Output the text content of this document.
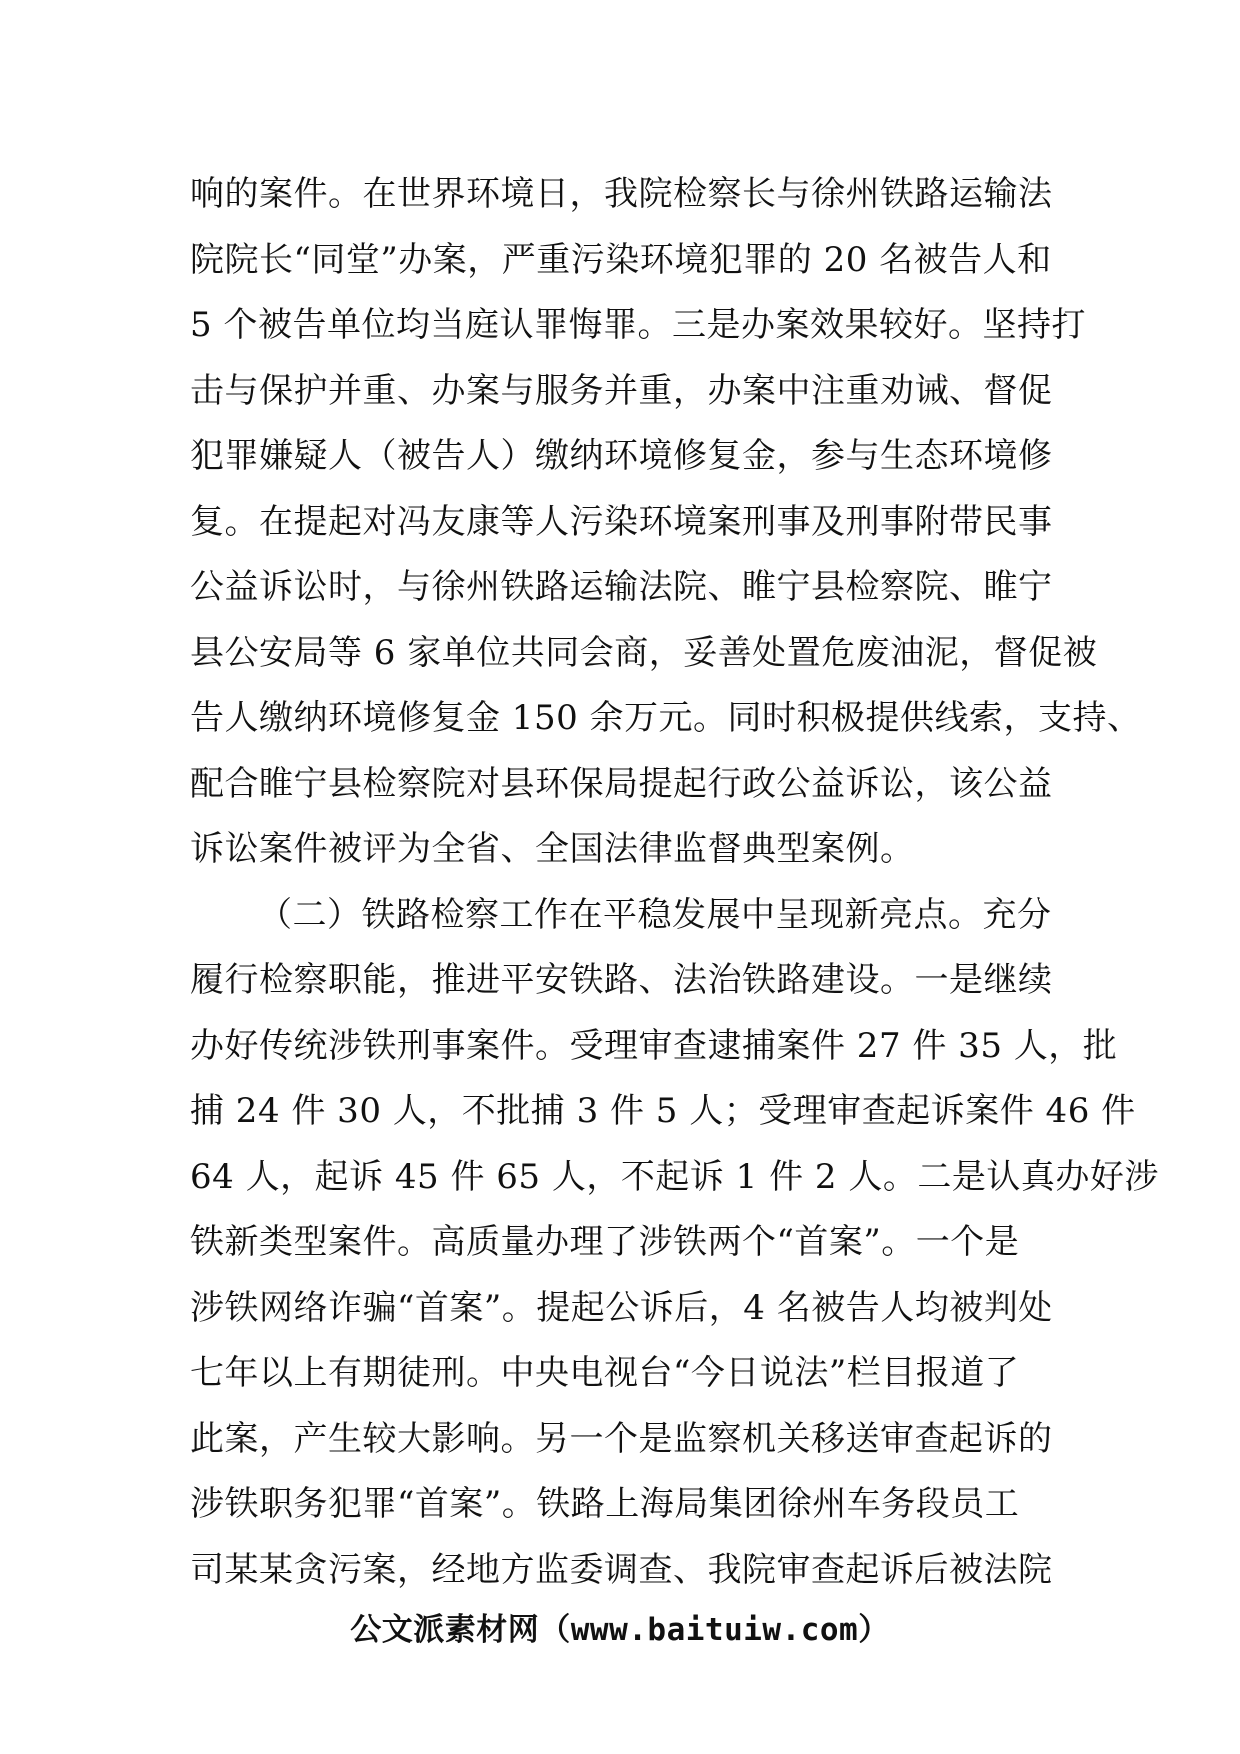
响的案件。在世界环境日，我院检察长与徐州铁路运输法
院院长“同堂”办案，严重污染环境犯罪的 20 名被告人和
5 个被告单位均当庭认罪悔罪。三是办案效果较好。坚持打
击与保护并重、办案与服务并重，办案中注重劝诫、督促
犯罪嫌疑人（被告人）缴纳环境修复金，参与生态环境修
复。在提起对冯友康等人污染环境案刑事及刑事附带民事
公益诉讼时，与徐州铁路运输法院、睢宁县检察院、睢宁
县公安局等 6 家单位共同会商，妥善处置危废油泥，督促被
告人缴纳环境修复金 150 余万元。同时积极提供线索，支持、
配合睢宁县检察院对县环保局提起行政公益诉讼，该公益
诉讼案件被评为全省、全国法律监督典型案例。
（二）铁路检察工作在平稳发展中呈现新亮点。充分
履行检察职能，推进平安铁路、法治铁路建设。一是继续
办好传统涉铁刑事案件。受理审查逮捕案件 27 件 35 人，批
捕 24 件 30 人，不批捕 3 件 5 人；受理审查起诉案件 46 件
64 人，起诉 45 件 65 人，不起诉 1 件 2 人。二是认真办好涉
铁新类型案件。高质量办理了涉铁两个“首案”。一个是
涉铁网络诈骗“首案”。提起公诉后，4 名被告人均被判处
七年以上有期徒刑。中央电视台“今日说法”栏目报道了
此案，产生较大影响。另一个是监察机关移送审查起诉的
涉铁职务犯罪“首案”。铁路上海局集团徐州车务段员工
司某某贪污案，经地方监委调查、我院审查起诉后被法院
公文派素材网（www.baituiw.com）
